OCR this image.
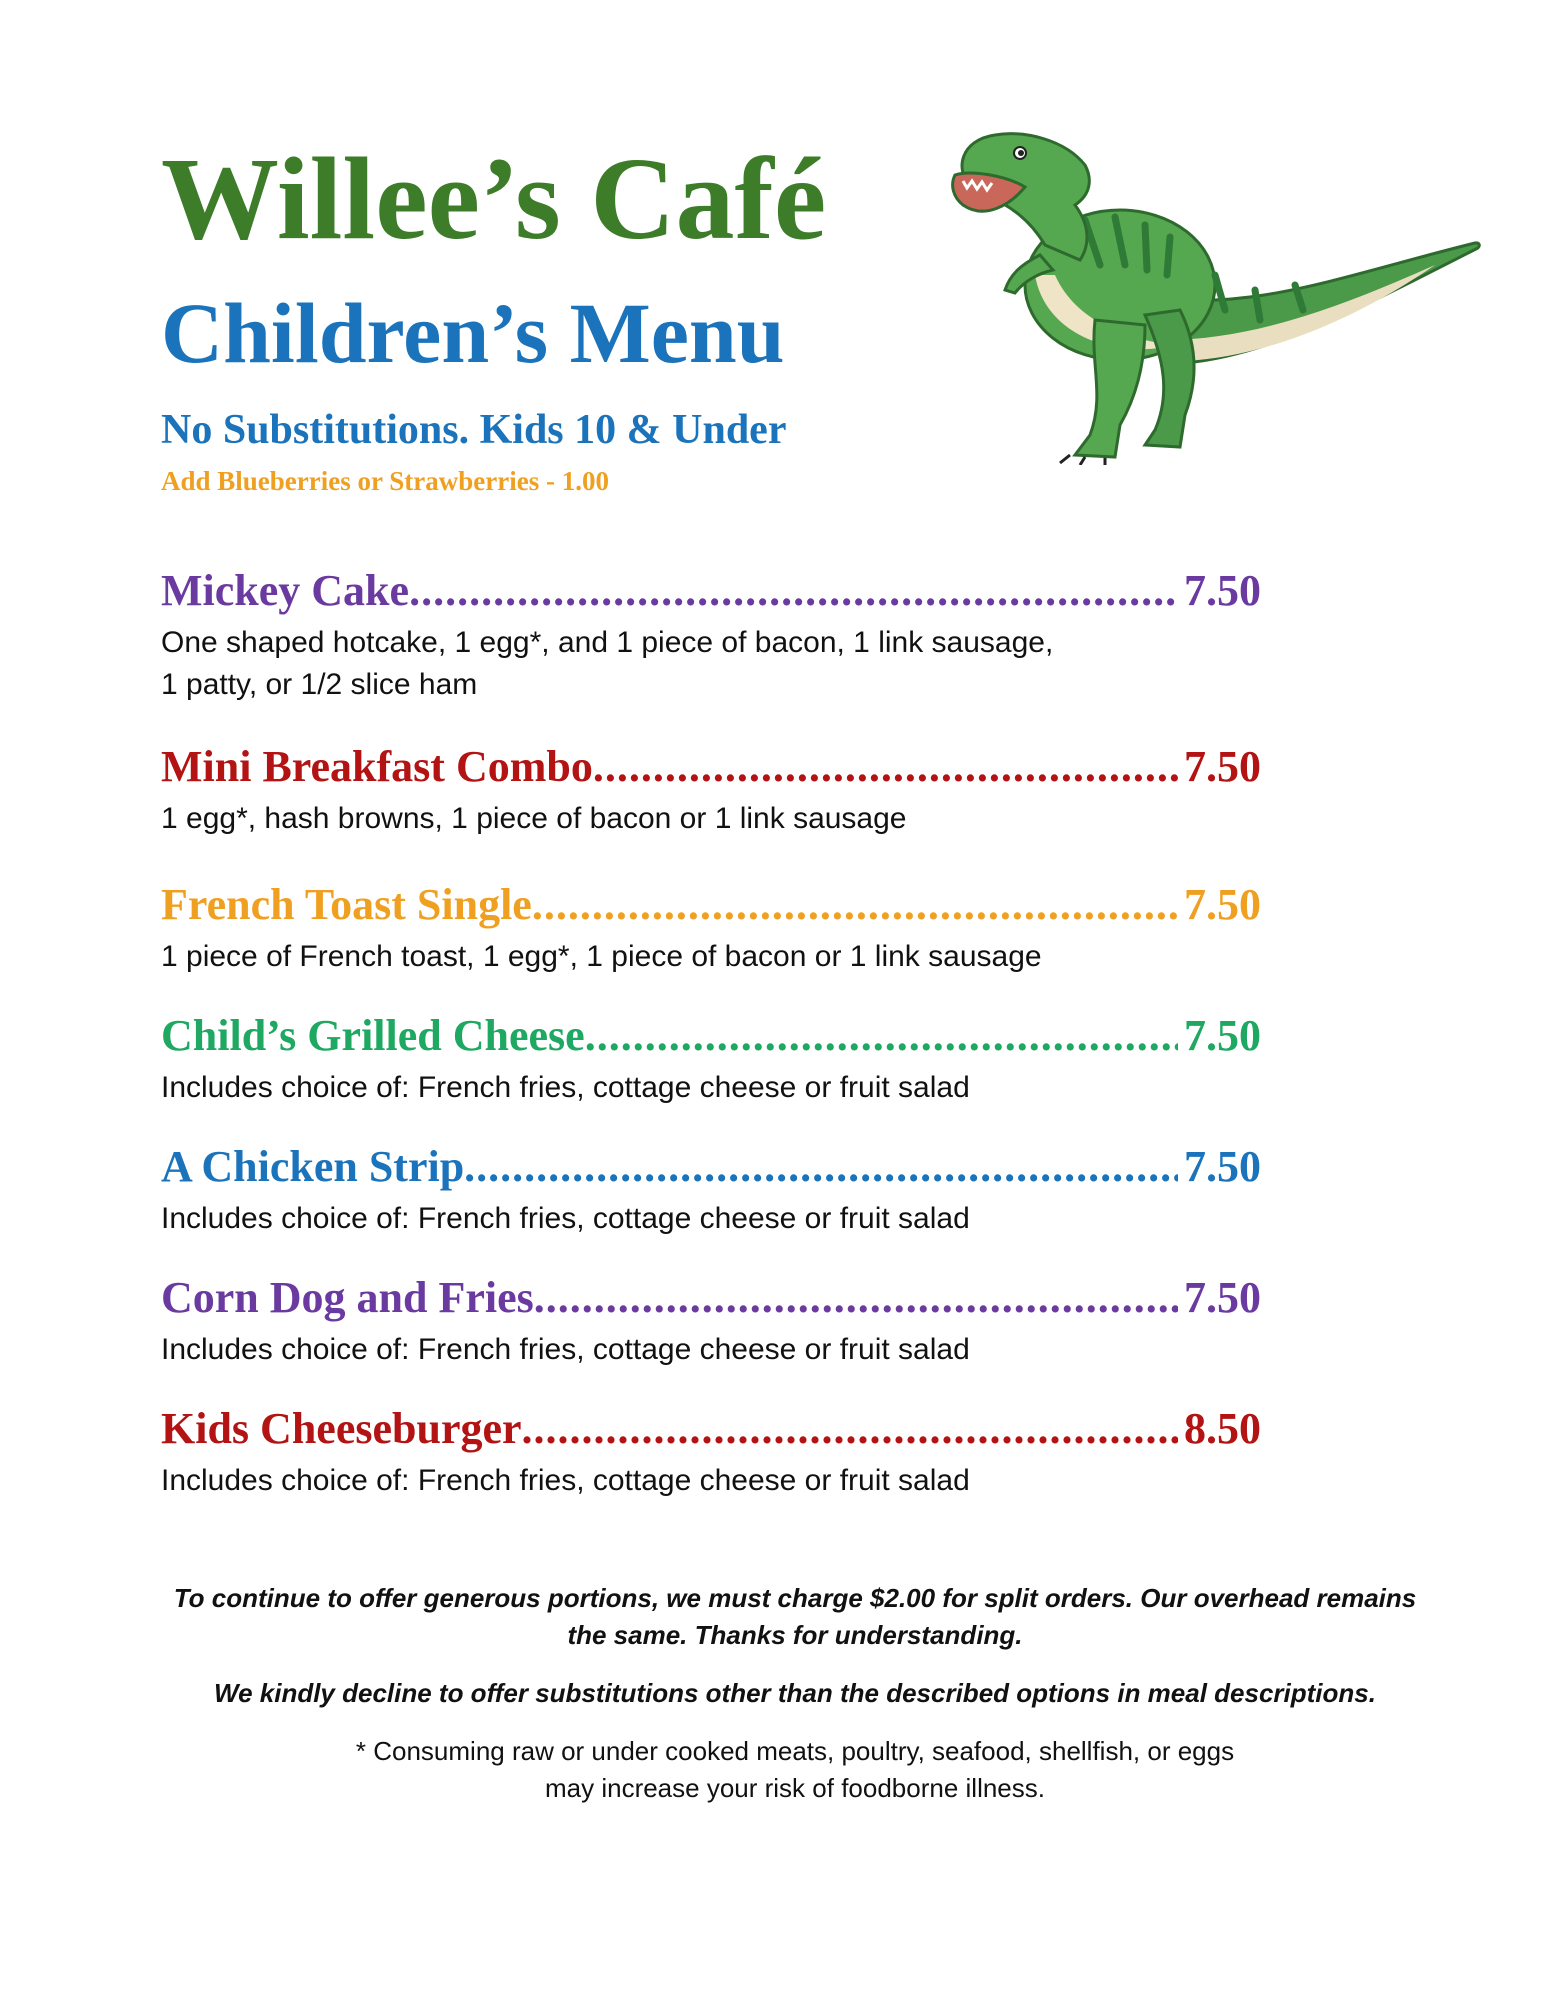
Willee’s Café
Children’s Menu
No Substitutions. Kids 10 & Under
Add Blueberries or Strawberries - 1.00
Mickey Cake .....	7.50
One shaped hotcake, 1 egg*, and 1 piece of bacon, 1 link sausage,
1 patty, or 1/2 slice ham
Mini Breakfast Combo .....	7.50
1 egg*, hash browns, 1 piece of bacon or 1 link sausage
French Toast Single .....	7.50
1 piece of French toast, 1 egg*, 1 piece of bacon or 1 link sausage
Child’s Grilled Cheese .....	7.50
Includes choice of: French fries, cottage cheese or fruit salad
A Chicken Strip .....	7.50
Includes choice of: French fries, cottage cheese or fruit salad
Corn Dog and Fries .....	7.50
Includes choice of: French fries, cottage cheese or fruit salad
Kids Cheeseburger .....	8.50
Includes choice of: French fries, cottage cheese or fruit salad
To continue to offer generous portions, we must charge $2.00 for split orders. Our overhead remains
the same. Thanks for understanding.
We kindly decline to offer substitutions other than the described options in meal descriptions.
* Consuming raw or under cooked meats, poultry, seafood, shellfish, or eggs
may increase your risk of foodborne illness.
